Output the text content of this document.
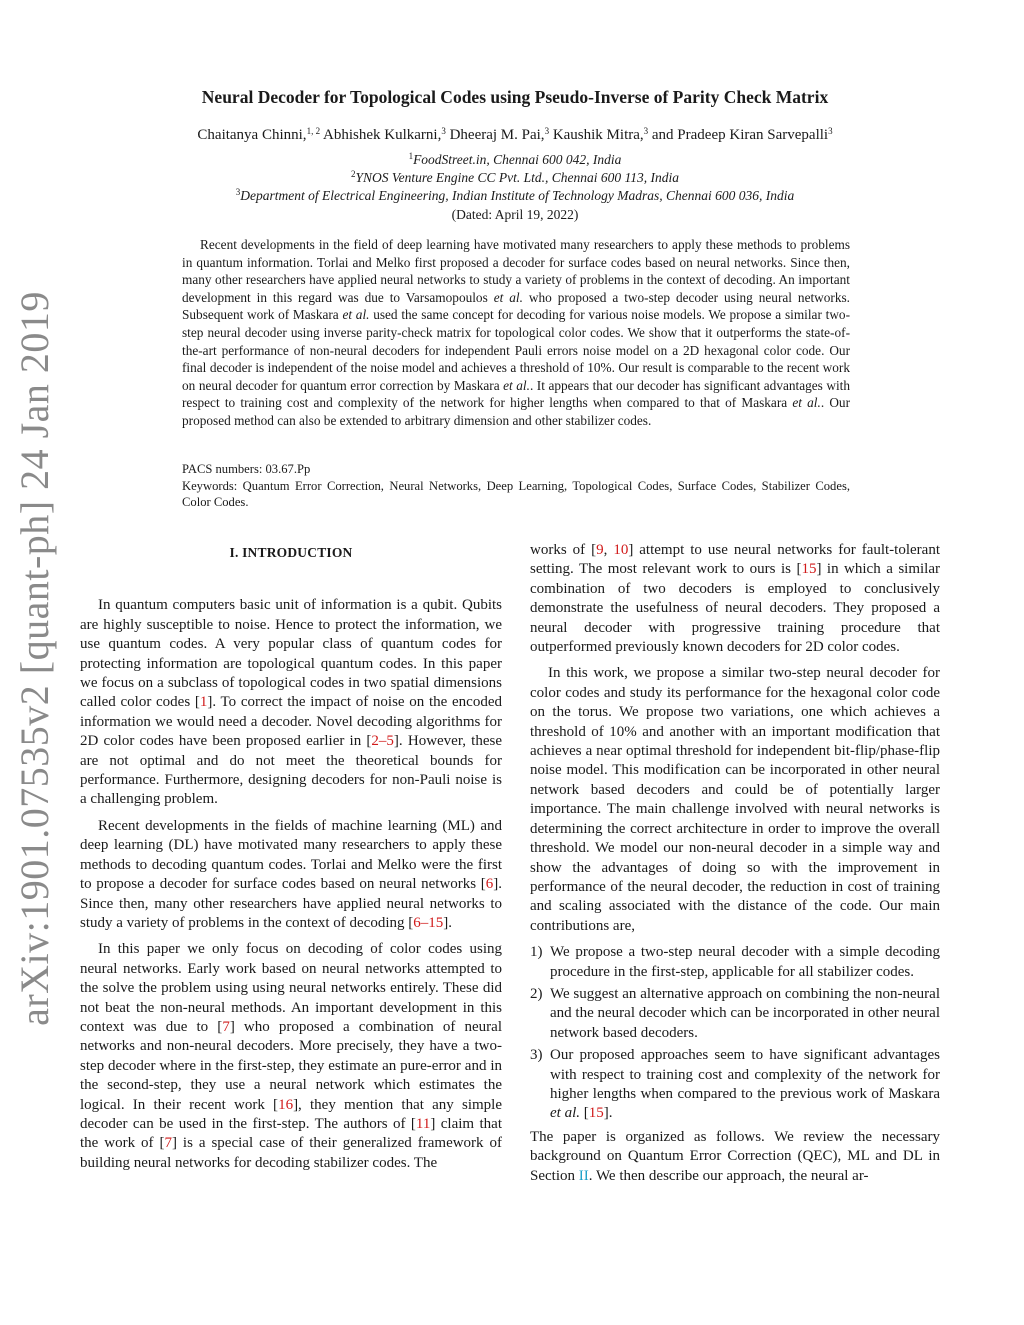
arXiv:1901.07535v2 [quant-ph] 24 Jan 2019
Neural Decoder for Topological Codes using Pseudo-Inverse of Parity Check Matrix
Chaitanya Chinni,$^{1, 2}$ Abhishek Kulkarni,$^3$ Dheeraj M. Pai,$^3$ Kaushik Mitra,$^3$ and Pradeep Kiran Sarvepalli$^3$
$^1$FoodStreet.in, Chennai 600 042, India
$^2$YNOS Venture Engine CC Pvt. Ltd., Chennai 600 113, India
$^3$Department of Electrical Engineering, Indian Institute of Technology Madras, Chennai 600 036, India
(Dated: April 19, 2022)

Recent developments in the field of deep learning have motivated many researchers to apply these methods to problems in quantum information. Torlai and Melko first proposed a decoder for surface codes based on neural networks. Since then, many other researchers have applied neural networks to study a variety of problems in the context of decoding. An important development in this regard was due to Varsamopoulos et al. who proposed a two-step decoder using neural networks. Subsequent work of Maskara et al. used the same concept for decoding for various noise models. We propose a similar two-step neural decoder using inverse parity-check matrix for topological color codes. We show that it outperforms the state-of-the-art performance of non-neural decoders for independent Pauli errors noise model on a 2D hexagonal color code. Our final decoder is independent of the noise model and achieves a threshold of 10%. Our result is comparable to the recent work on neural decoder for quantum error correction by Maskara et al.. It appears that our decoder has significant advantages with respect to training cost and complexity of the network for higher lengths when compared to that of Maskara et al.. Our proposed method can also be extended to arbitrary dimension and other stabilizer codes.

PACS numbers: 03.67.Pp
Keywords: Quantum Error Correction, Neural Networks, Deep Learning, Topological Codes, Surface Codes, Stabilizer Codes, Color Codes.
I. INTRODUCTION

In quantum computers basic unit of information is a qubit. Qubits are highly susceptible to noise. Hence to protect the information, we use quantum codes. A very popular class of quantum codes for protecting information are topological quantum codes. In this paper we focus on a subclass of topological codes in two spatial dimensions called color codes [1]. To correct the impact of noise on the encoded information we would need a decoder. Novel decoding algorithms for 2D color codes have been proposed earlier in [2–5]. However, these are not optimal and do not meet the theoretical bounds for performance. Furthermore, designing decoders for non-Pauli noise is a challenging problem.

Recent developments in the fields of machine learning (ML) and deep learning (DL) have motivated many researchers to apply these methods to decoding quantum codes. Torlai and Melko were the first to propose a decoder for surface codes based on neural networks [6]. Since then, many other researchers have applied neural networks to study a variety of problems in the context of decoding [6–15].

In this paper we only focus on decoding of color codes using neural networks. Early work based on neural networks attempted to the solve the problem using using neural networks entirely. These did not beat the non-neural methods. An important development in this context was due to [7] who proposed a combination of neural networks and non-neural decoders. More precisely, they have a two-step decoder where in the first-step, they estimate an pure-error and in the second-step, they use a neural network which estimates the logical. In their recent work [16], they mention that any simple decoder can be used in the first-step. The authors of [11] claim that the work of [7] is a special case of their generalized framework of building neural networks for decoding stabilizer codes. The

works of [9, 10] attempt to use neural networks for fault-tolerant setting. The most relevant work to ours is [15] in which a similar combination of two decoders is employed to conclusively demonstrate the usefulness of neural decoders. They proposed a neural decoder with progressive training procedure that outperformed previously known decoders for 2D color codes.

In this work, we propose a similar two-step neural decoder for color codes and study its performance for the hexagonal color code on the torus. We propose two variations, one which achieves a threshold of 10% and another with an important modification that achieves a near optimal threshold for independent bit-flip/phase-flip noise model. This modification can be incorporated in other neural network based decoders and could be of potentially larger importance. The main challenge involved with neural networks is determining the correct architecture in order to improve the overall threshold. We model our non-neural decoder in a simple way and show the advantages of doing so with the improvement in performance of the neural decoder, the reduction in cost of training and scaling associated with the distance of the code. Our main contributions are,

1) We propose a two-step neural decoder with a simple decoding procedure in the first-step, applicable for all stabilizer codes.
2) We suggest an alternative approach on combining the non-neural and the neural decoder which can be incorporated in other neural network based decoders.
3) Our proposed approaches seem to have significant advantages with respect to training cost and complexity of the network for higher lengths when compared to the previous work of Maskara et al. [15].

The paper is organized as follows. We review the necessary background on Quantum Error Correction (QEC), ML and DL in Section II. We then describe our approach, the neural ar-
